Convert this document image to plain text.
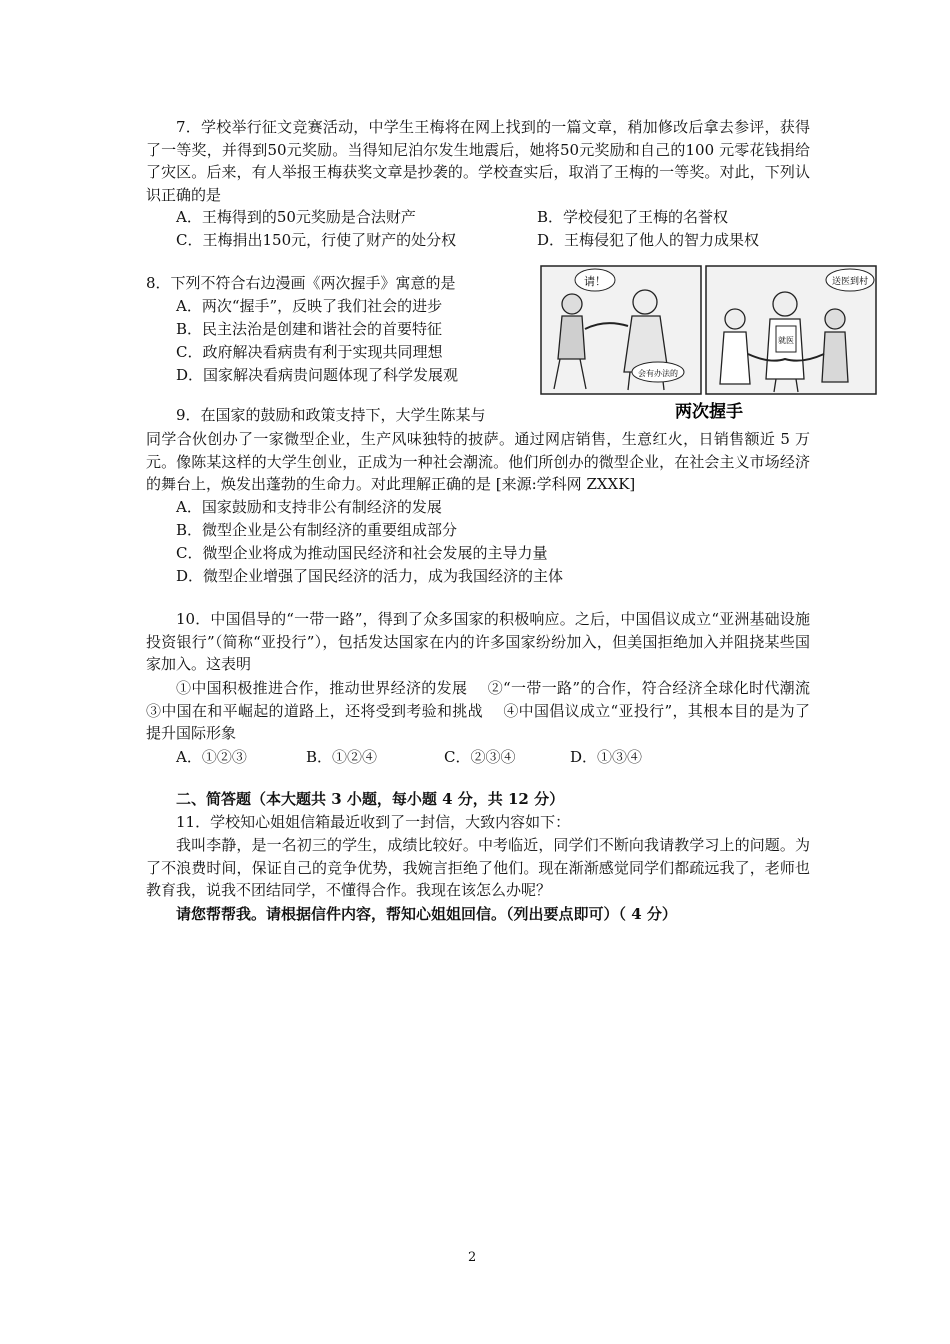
7．学校举行征文竞赛活动，中学生王梅将在网上找到的一篇文章，稍加修改后拿去参评，获得了一等奖，并得到50元奖励。当得知尼泊尔发生地震后，她将50元奖励和自己的100 元零花钱捐给了灾区。后来，有人举报王梅获奖文章是抄袭的。学校查实后，取消了王梅的一等奖。对此，下列认识正确的是
A．王梅得到的50元奖励是合法财产	B．学校侵犯了王梅的名誉权
C．王梅捐出150元，行使了财产的处分权	D．王梅侵犯了他人的智力成果权
8．下列不符合右边漫画《两次握手》寓意的是
A．两次“握手”，反映了我们社会的进步
B．民主法治是创建和谐社会的首要特征
C．政府解决看病贵有利于实现共同理想
D．国家解决看病贵问题体现了科学发展观
请！
会有办法的
就医
送医到村
两次握手
9．在国家的鼓励和政策支持下，大学生陈某与
同学合伙创办了一家微型企业，生产风味独特的披萨。通过网店销售，生意红火，日销售额近 5 万元。像陈某这样的大学生创业，正成为一种社会潮流。他们所创办的微型企业，在社会主义市场经济的舞台上，焕发出蓬勃的生命力。对此理解正确的是 [来源:学科网 ZXXK]
A．国家鼓励和支持非公有制经济的发展
B．微型企业是公有制经济的重要组成部分
C．微型企业将成为推动国民经济和社会发展的主导力量
D．微型企业增强了国民经济的活力，成为我国经济的主体
10．中国倡导的“一带一路”，得到了众多国家的积极响应。之后，中国倡议成立“亚洲基础设施投资银行”（简称“亚投行”），包括发达国家在内的许多国家纷纷加入，但美国拒绝加入并阻挠某些国家加入。这表明
①中国积极推进合作，推动世界经济的发展　 ②“一带一路”的合作，符合经济全球化时代潮流　 ③中国在和平崛起的道路上，还将受到考验和挑战　 ④中国倡议成立“亚投行”，其根本目的是为了提升国际形象
A．①②③	B．①②④	C．②③④	D．①③④
二、简答题（本大题共 3 小题，每小题 4 分，共 12 分）
11．学校知心姐姐信箱最近收到了一封信，大致内容如下：
我叫李静，是一名初三的学生，成绩比较好。中考临近，同学们不断向我请教学习上的问题。为了不浪费时间，保证自己的竞争优势，我婉言拒绝了他们。现在渐渐感觉同学们都疏远我了，老师也教育我，说我不团结同学，不懂得合作。我现在该怎么办呢？
请您帮帮我。请根据信件内容，帮知心姐姐回信。（列出要点即可）（ 4 分）
2
